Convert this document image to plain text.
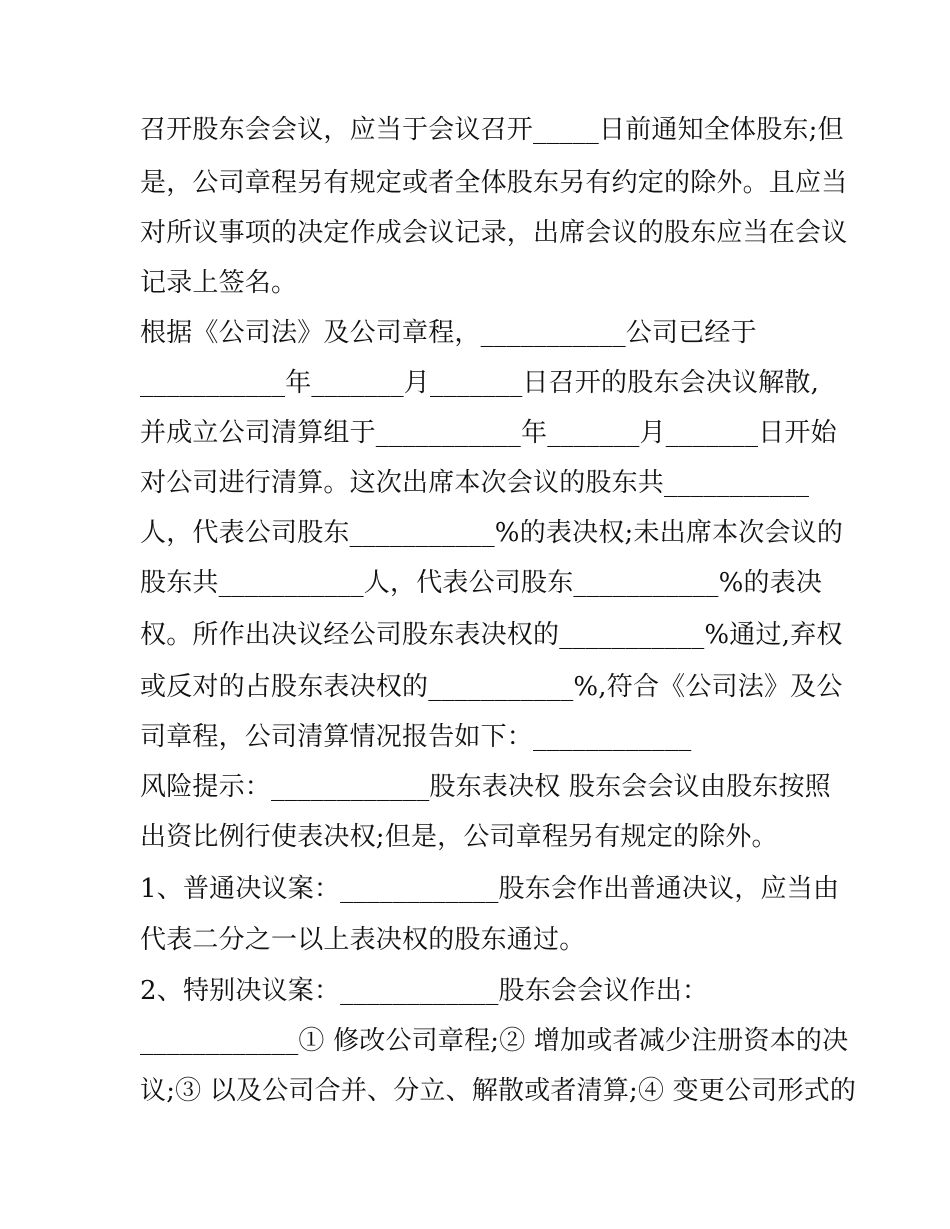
召开股东会会议，应当于会议召开_____日前通知全体股东;但
是，公司章程另有规定或者全体股东另有约定的除外。且应当
对所议事项的决定作成会议记录，出席会议的股东应当在会议
记录上签名。
根据《公司法》及公司章程，___________公司已经于
___________年_______月_______日召开的股东会决议解散,
并成立公司清算组于___________年_______月_______日开始
对公司进行清算。这次出席本次会议的股东共___________
人，代表公司股东___________%的表决权;未出席本次会议的
股东共___________人，代表公司股东___________%的表决
权。所作出决议经公司股东表决权的___________%通过,弃权
或反对的占股东表决权的___________%,符合《公司法》及公
司章程，公司清算情况报告如下：____________
风险提示：____________股东表决权 股东会会议由股东按照
出资比例行使表决权;但是，公司章程另有规定的除外。
1、普通决议案：____________股东会作出普通决议，应当由
代表二分之一以上表决权的股东通过。
2、特别决议案：____________股东会会议作出：
____________① 修改公司章程;② 增加或者减少注册资本的决
议;③ 以及公司合并、分立、解散或者清算;④ 变更公司形式的
